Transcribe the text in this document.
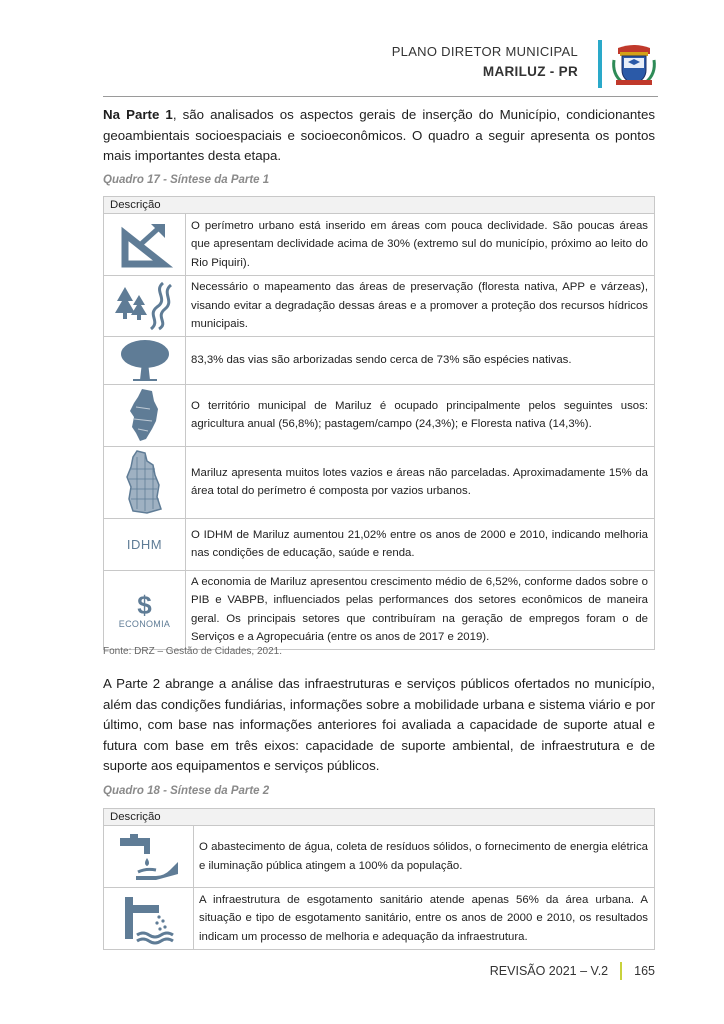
PLANO DIRETOR MUNICIPAL
MARILUZ - PR

Na Parte 1, são analisados os aspectos gerais de inserção do Município, condicionantes geoambientais socioespaciais e socioeconômicos. O quadro a seguir apresenta os pontos mais importantes desta etapa.

Quadro 17 - Síntese da Parte 1
Descrição	

	O perímetro urbano está inserido em áreas com pouca declividade. São poucas áreas que apresentam declividade acima de 30% (extremo sul do município, próximo ao leito do Rio Piquiri).

	Necessário o mapeamento das áreas de preservação (floresta nativa, APP e várzeas), visando evitar a degradação dessas áreas e a promover a proteção dos recursos hídricos municipais.

	83,3% das vias são arborizadas sendo cerca de 73% são espécies nativas.

	O território municipal de Mariluz é ocupado principalmente pelos seguintes usos: agricultura anual (56,8%); pastagem/campo (24,3%); e Floresta nativa (14,3%).

	Mariluz apresenta muitos lotes vazios e áreas não parceladas. Aproximadamente 15% da área total do perímetro é composta por vazios urbanos.
IDHM	O IDHM de Mariluz aumentou 21,02% entre os anos de 2000 e 2010, indicando melhoria nas condições de educação, saúde e renda.

$
ECONOMIA	A economia de Mariluz apresentou crescimento médio de 6,52%, conforme dados sobre o PIB e VABPB, influenciados pelas performances dos setores econômicos de maneira geral. Os principais setores que contribuíram na geração de empregos foram o de Serviços e a Agropecuária (entre os anos de 2017 e 2019).
Fonte: DRZ – Gestão de Cidades, 2021.

A Parte 2 abrange a análise das infraestruturas e serviços públicos ofertados no município, além das condições fundiárias, informações sobre a mobilidade urbana e sistema viário e por último, com base nas informações anteriores foi avaliada a capacidade de suporte atual e futura com base em três eixos: capacidade de suporte ambiental, de infraestrutura e de suporte aos equipamentos e serviços públicos.

Quadro 18 - Síntese da Parte 2
Descrição	

	O abastecimento de água, coleta de resíduos sólidos, o fornecimento de energia elétrica e iluminação pública atingem a 100% da população.

	A infraestrutura de esgotamento sanitário atende apenas 56% da área urbana. A situação e tipo de esgotamento sanitário, entre os anos de 2000 e 2010, os resultados indicam um processo de melhoria e adequação da infraestrutura.
REVISÃO 2021 – V.2 165
